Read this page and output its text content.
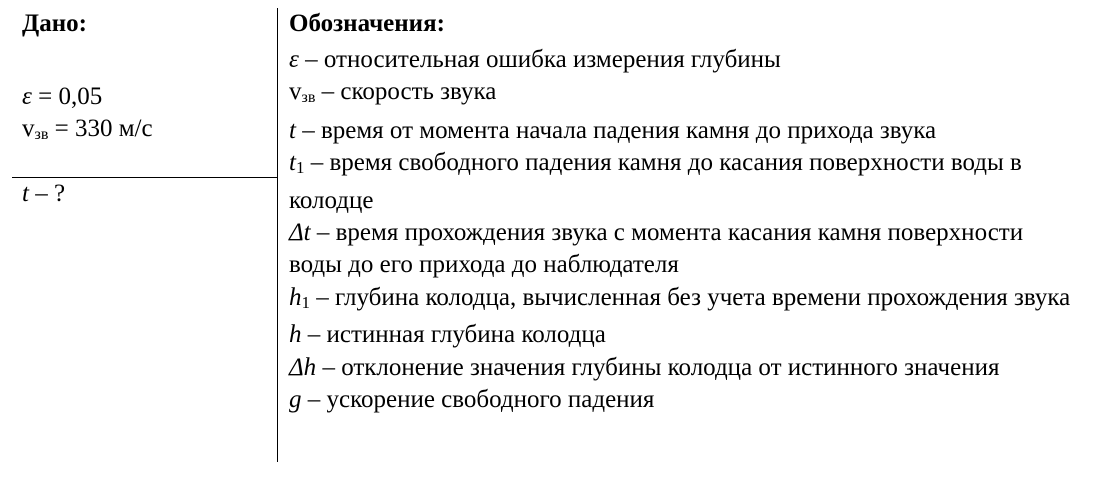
Дано:
ε = 0,05
vзв = 330 м/с
t – ?
Обозначения:
ε – относительная ошибка измерения глубины
vзв – скорость звука
t – время от момента начала падения камня до прихода звука
t1 – время свободного падения камня до касания поверхности воды в колодце
Δt – время прохождения звука с момента касания камня поверхности воды до его прихода до наблюдателя
h1 – глубина колодца, вычисленная без учета времени прохождения звука
h – истинная глубина колодца
Δh – отклонение значения глубины колодца от истинного значения
g – ускорение свободного падения
